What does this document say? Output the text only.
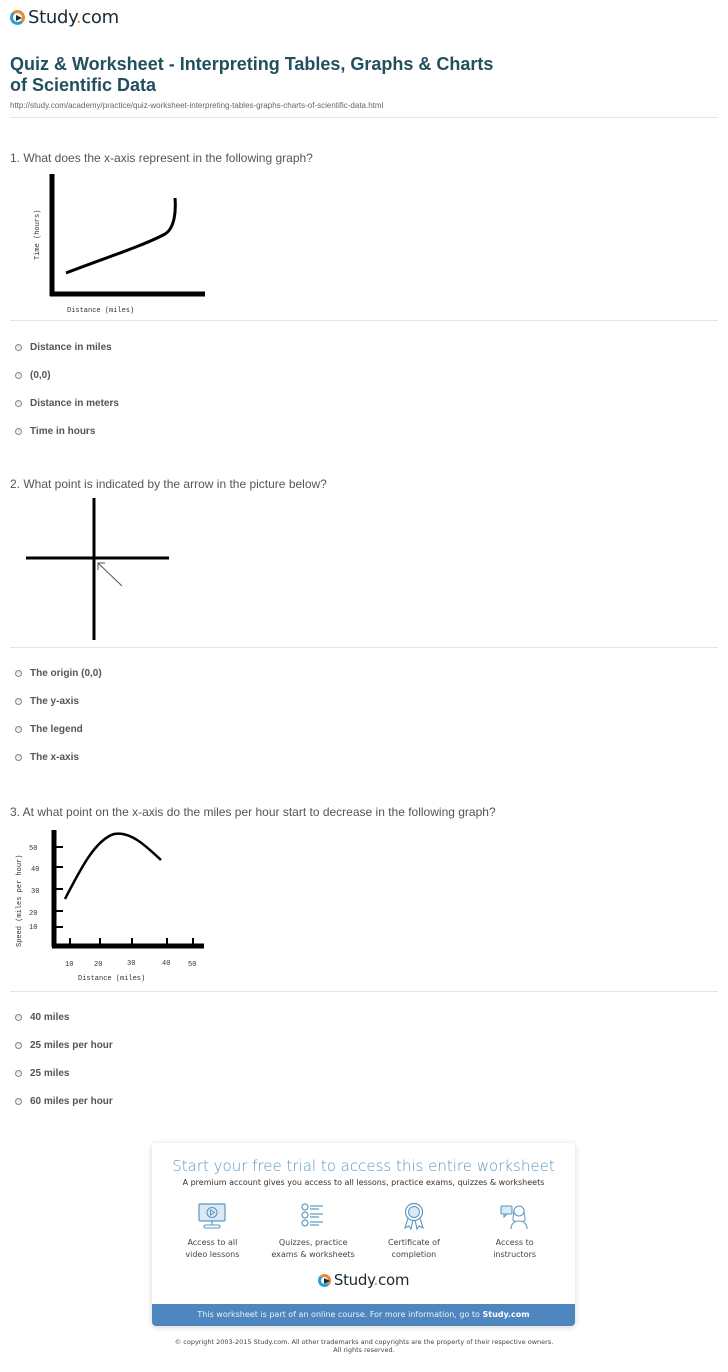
Study.com
Quiz & Worksheet - Interpreting Tables, Graphs & Charts
of Scientific Data
http://study.com/academy/practice/quiz-worksheet-interpreting-tables-graphs-charts-of-scientific-data.html
1. What does the x-axis represent in the following graph?
Time (hours)
Distance (miles)
Distance in miles
(0,0)
Distance in meters
Time in hours
2. What point is indicated by the arrow in the picture below?
The origin (0,0)
The y-axis
The legend
The x-axis
3. At what point on the x-axis do the miles per hour start to decrease in the following graph?
50
40
30
20
10
10	20	30	40	50
Speed (miles per hour)
Distance (miles)
40 miles
25 miles per hour
25 miles
60 miles per hour
Start your free trial to access this entire worksheet
A premium account gives you access to all lessons, practice exams, quizzes & worksheets
Access to all
video lessons
Quizzes, practice
exams & worksheets
Certificate of
completion
Access to
instructors
Study.com
This worksheet is part of an online course. For more information, go to Study.com
© copyright 2003-2015 Study.com. All other trademarks and copyrights are the property of their respective owners.
All rights reserved.
